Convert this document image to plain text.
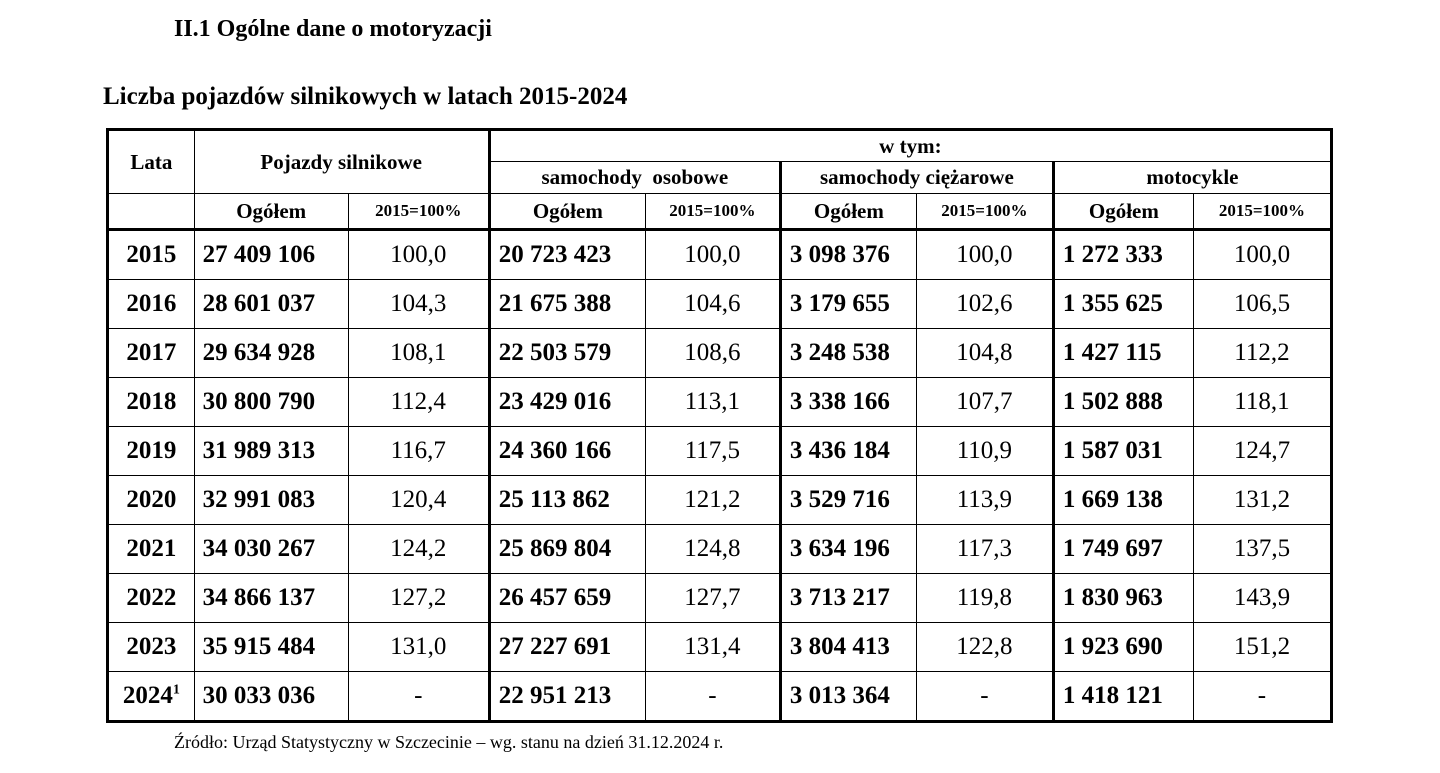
II.1 Ogólne dane o motoryzacji
Liczba pojazdów silnikowych w latach 2015-2024
Lata	Pojazdy silnikowe		w tym:					
			samochody  osobowe		samochody ciężarowe		motocykle	
	Ogółem	2015=100%	Ogółem	2015=100%	Ogółem	2015=100%	Ogółem	2015=100%
2015	27 409 106	100,0	20 723 423	100,0	3 098 376	100,0	1 272 333	100,0
2016	28 601 037	104,3	21 675 388	104,6	3 179 655	102,6	1 355 625	106,5
2017	29 634 928	108,1	22 503 579	108,6	3 248 538	104,8	1 427 115	112,2
2018	30 800 790	112,4	23 429 016	113,1	3 338 166	107,7	1 502 888	118,1
2019	31 989 313	116,7	24 360 166	117,5	3 436 184	110,9	1 587 031	124,7
2020	32 991 083	120,4	25 113 862	121,2	3 529 716	113,9	1 669 138	131,2
2021	34 030 267	124,2	25 869 804	124,8	3 634 196	117,3	1 749 697	137,5
2022	34 866 137	127,2	26 457 659	127,7	3 713 217	119,8	1 830 963	143,9
2023	35 915 484	131,0	27 227 691	131,4	3 804 413	122,8	1 923 690	151,2
2024$^1$	30 033 036	-	22 951 213	-	3 013 364	-	1 418 121	-
Źródło: Urząd Statystyczny w Szczecinie – wg. stanu na dzień 31.12.2024 r.
